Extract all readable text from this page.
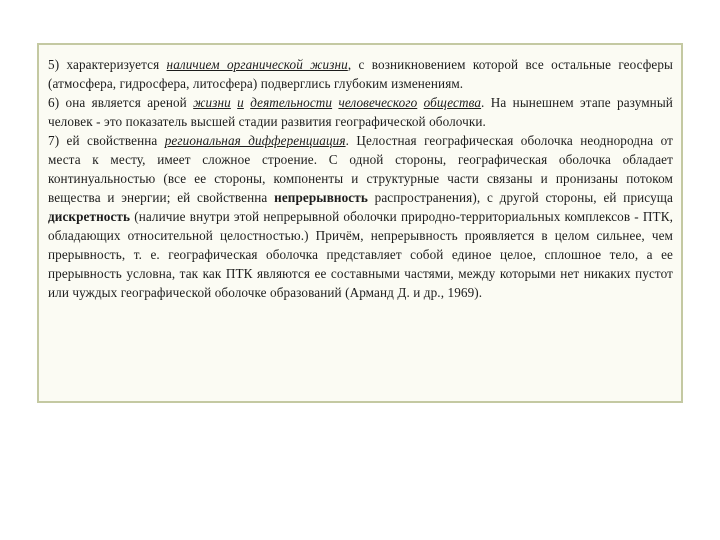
5) характеризуется наличием органической жизни, с возникновением которой все остальные геосферы (атмосфера, гидросфера, литосфера) подверглись глубоким изменениям.

6) она является ареной жизни и деятельности человеческого общества. На нынешнем этапе разумный человек - это показатель высшей стадии развития географической оболочки.

7) ей свойственна региональная дифференциация. Целостная географическая оболочка неоднородна от места к месту, имеет сложное строение. С одной стороны, географическая оболочка обладает континуальностью (все ее стороны, компоненты и структурные части связаны и пронизаны потоком вещества и энергии; ей свойственна непрерывность распространения), с другой стороны, ей присуща дискретность (наличие внутри этой непрерывной оболочки природно-территориальных комплексов - ПТК, обладающих относительной целостностью.) Причём, непрерывность проявляется в целом сильнее, чем прерывность, т. е. географическая оболочка представляет собой единое целое, сплошное тело, а ее прерывность условна, так как ПТК являются ее составными частями, между которыми нет никаких пустот или чуждых географической оболочке образований (Арманд Д. и др., 1969).
